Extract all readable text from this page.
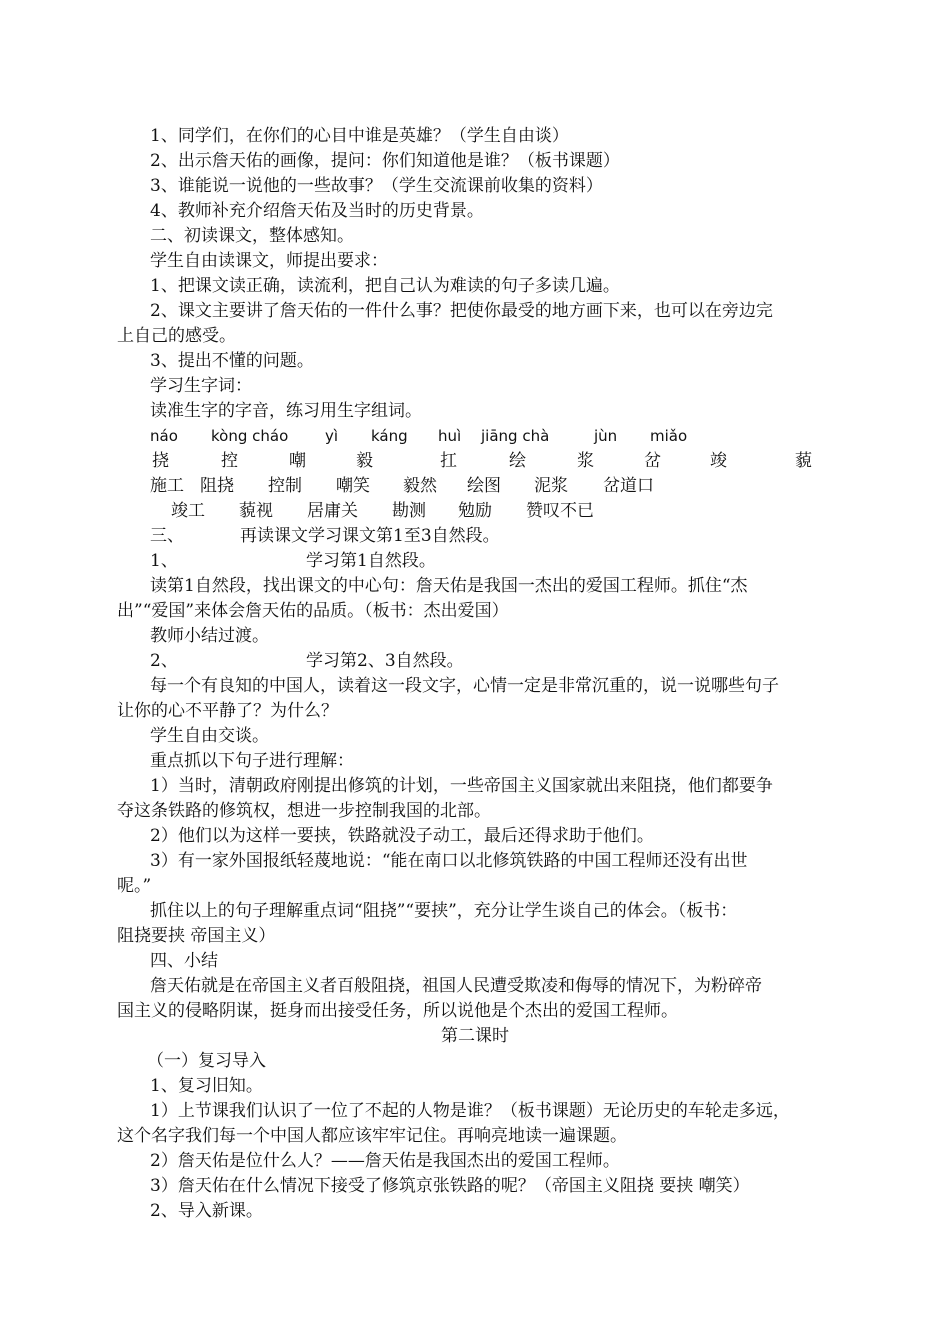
1、同学们，在你们的心目中谁是英雄？（学生自由谈）
2、出示詹天佑的画像，提问：你们知道他是谁？（板书课题）
3、谁能说一说他的一些故事？（学生交流课前收集的资料）
4、教师补充介绍詹天佑及当时的历史背景。
二、初读课文，整体感知。
学生自由读课文，师提出要求：
1、把课文读正确，读流利，把自己认为难读的句子多读几遍。
2、课文主要讲了詹天佑的一件什么事？把使你最受的地方画下来，也可以在旁边完
上自己的感受。
3、提出不懂的问题。
学习生字词：
读准生字的字音，练习用生字组词。
náo kòng cháo yì káng huì jiāng chà	jùn miǎo
挠	控	嘲	毅	扛	绘	浆	岔	竣	藐
施工 阻挠 控制 嘲笑 毅然 绘图 泥浆 岔道口
竣工 藐视 居庸关 勘测 勉励 赞叹不已
三、	再读课文学习课文第1至3自然段。
1、	学习第1自然段。
读第1自然段，找出课文的中心句：詹天佑是我国一杰出的爱国工程师。抓住“杰
出”“爱国”来体会詹天佑的品质。（板书：杰出爱国）
教师小结过渡。
2、	学习第2、3自然段。
每一个有良知的中国人，读着这一段文字，心情一定是非常沉重的，说一说哪些句子
让你的心不平静了？为什么？
学生自由交谈。
重点抓以下句子进行理解：
1）当时，清朝政府刚提出修筑的计划，一些帝国主义国家就出来阻挠，他们都要争
夺这条铁路的修筑权，想进一步控制我国的北部。
2）他们以为这样一要挟，铁路就没子动工，最后还得求助于他们。
3）有一家外国报纸轻蔑地说：“能在南口以北修筑铁路的中国工程师还没有出世
呢。”
抓住以上的句子理解重点词“阻挠”“要挟”，充分让学生谈自己的体会。（板书：
阻挠要挟 帝国主义）
四、小结
詹天佑就是在帝国主义者百般阻挠，祖国人民遭受欺凌和侮辱的情况下，为粉碎帝
国主义的侵略阴谋，挺身而出接受任务，所以说他是个杰出的爱国工程师。
第二课时
（一）复习导入
1、复习旧知。
1）上节课我们认识了一位了不起的人物是谁？（板书课题）无论历史的车轮走多远，
这个名字我们每一个中国人都应该牢牢记住。再响亮地读一遍课题。
2）詹天佑是位什么人？——詹天佑是我国杰出的爱国工程师。
3）詹天佑在什么情况下接受了修筑京张铁路的呢？（帝国主义阻挠 要挟 嘲笑）
2、导入新课。
